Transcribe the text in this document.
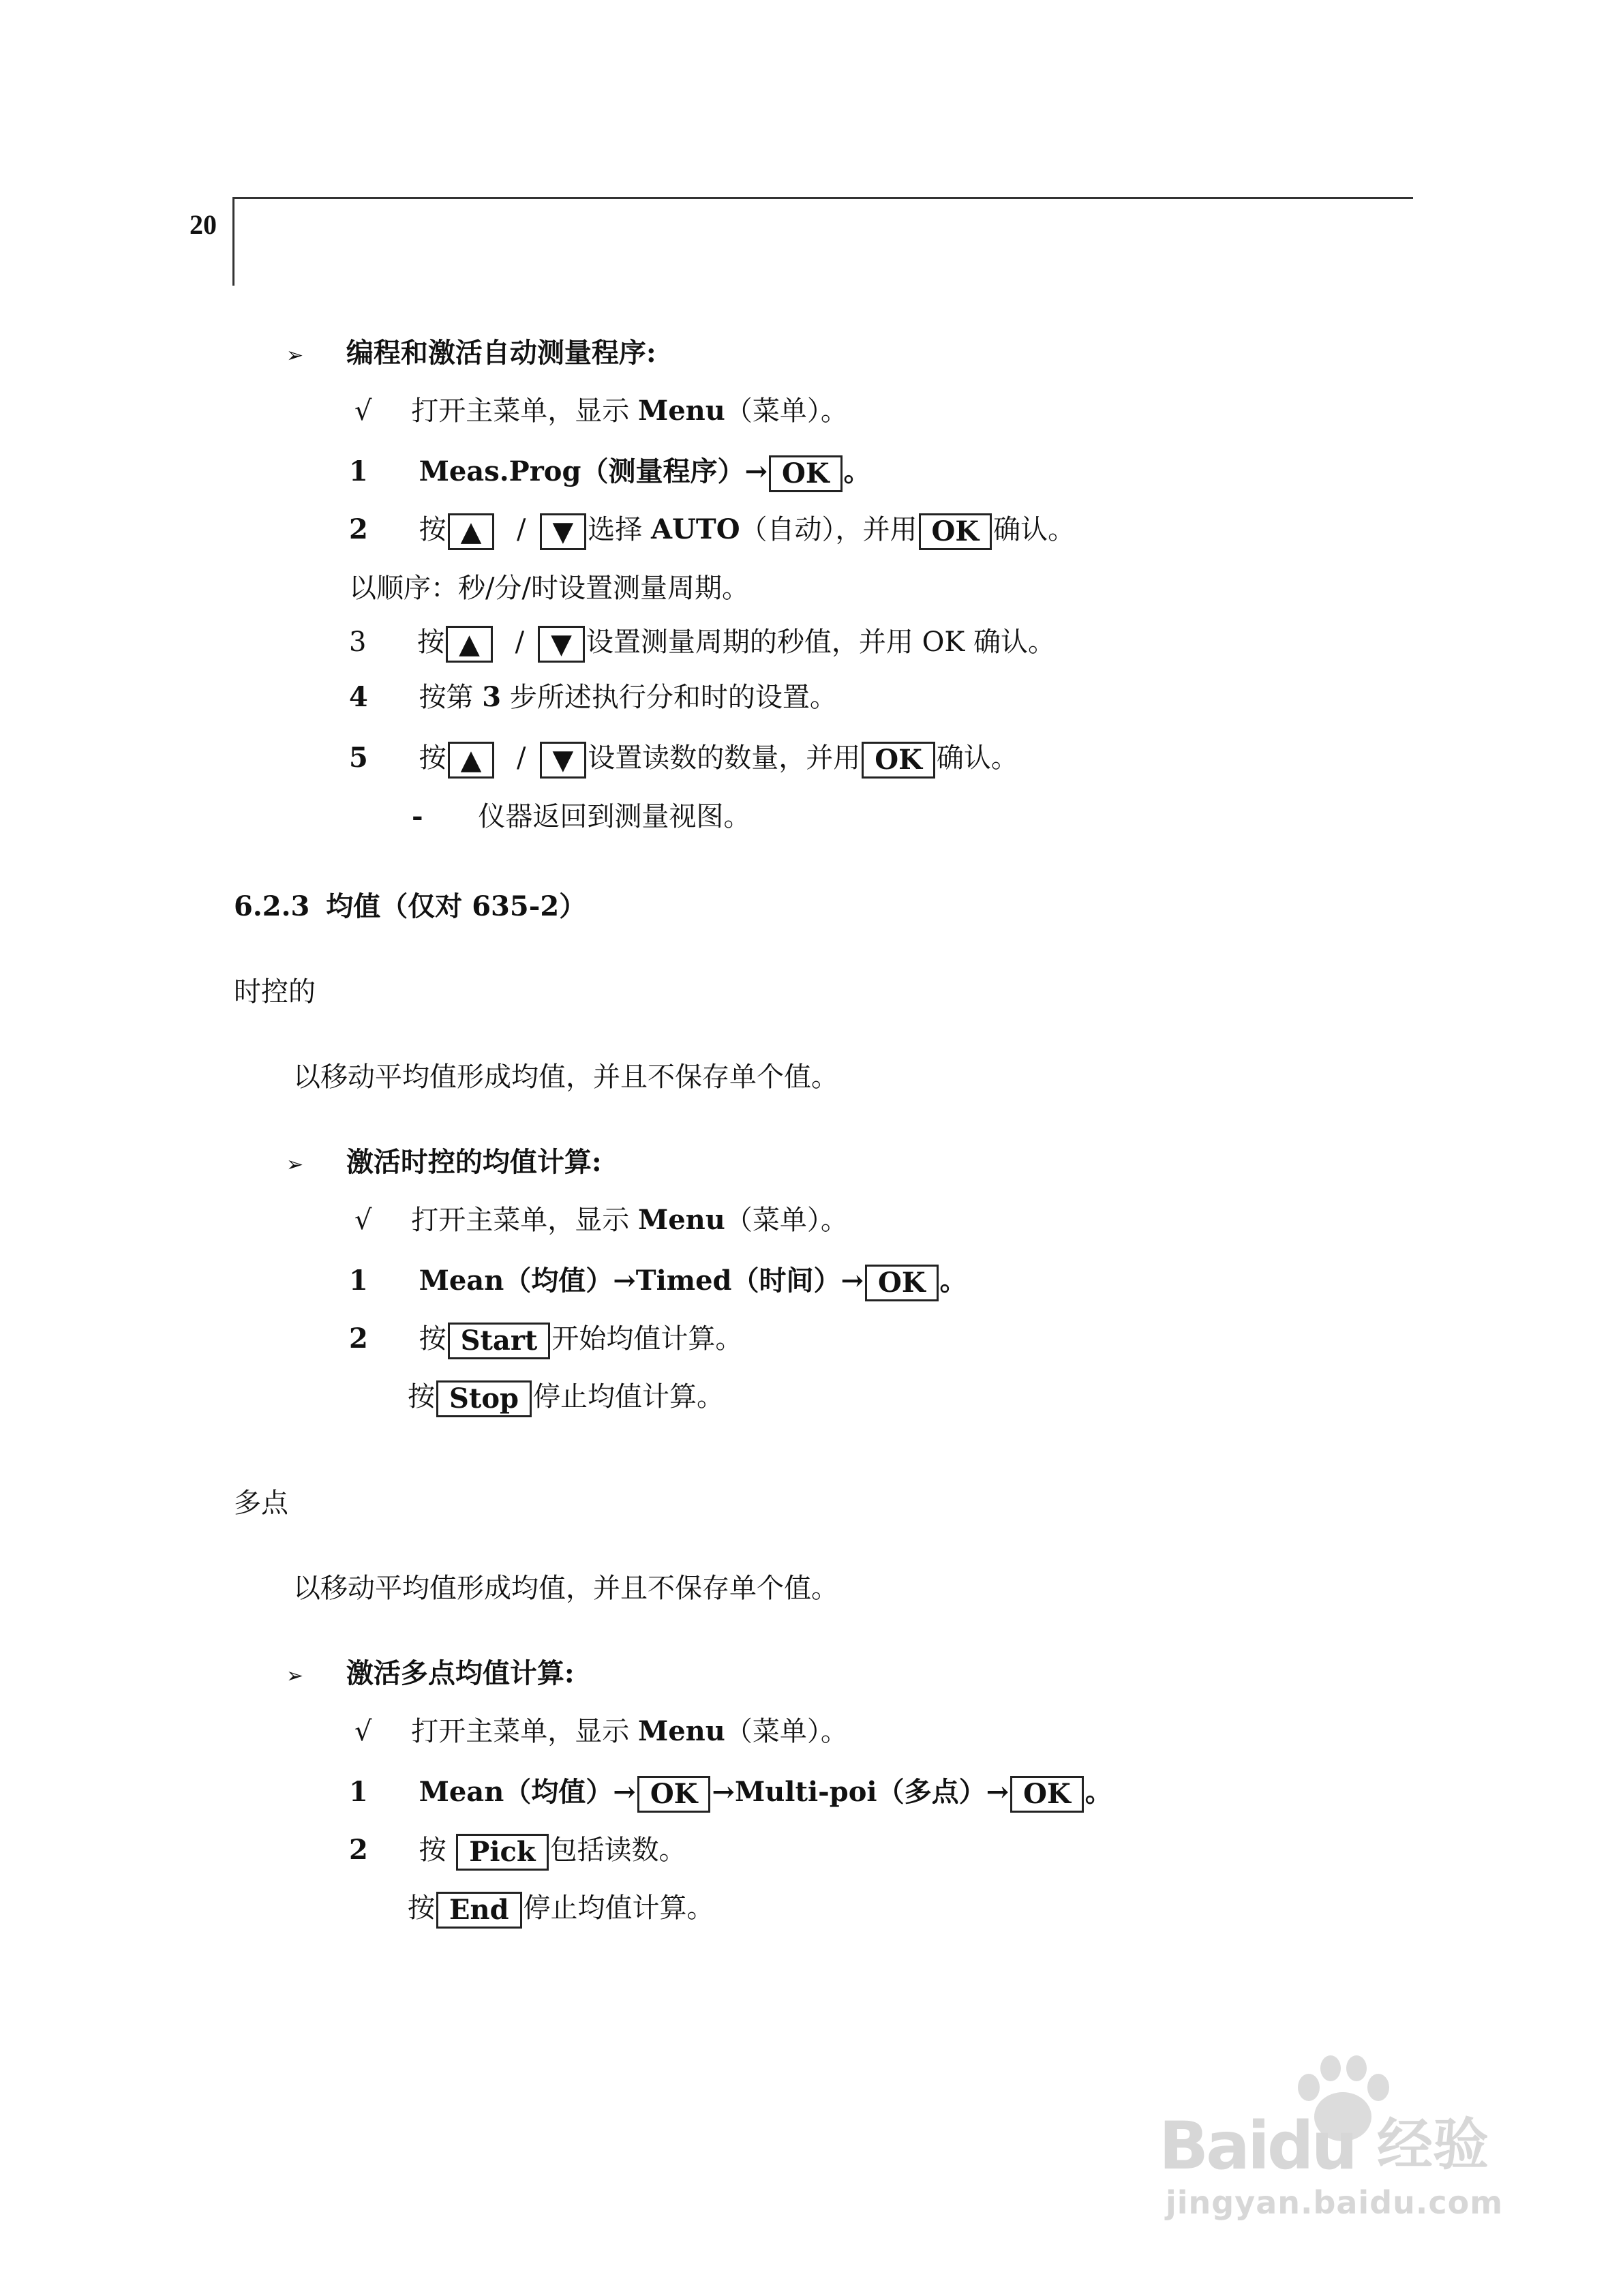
20
➢ 编程和激活自动测量程序:
√ 打开主菜单，显示 Menu（菜单）。
1 Meas.Prog（测量程序）→ OK 。
2 按 ▲ / ▼ 选择 AUTO（自动），并用 OK 确认。
以顺序：秒/分/时设置测量周期。
3 按 ▲ / ▼ 设置测量周期的秒值，并用 OK 确认。
4 按第 3 步所述执行分和时的设置。
5 按 ▲ / ▼ 设置读数的数量，并用 OK 确认。
- 仪器返回到测量视图。
6.2.3 均值（仅对 635-2）
时控的
以移动平均值形成均值，并且不保存单个值。
➢ 激活时控的均值计算:
√ 打开主菜单，显示 Menu（菜单）。
1 Mean（均值）→Timed（时间）→ OK 。
2 按 Start 开始均值计算。
按 Stop 停止均值计算。
多点
以移动平均值形成均值，并且不保存单个值。
➢ 激活多点均值计算:
√ 打开主菜单，显示 Menu（菜单）。
1 Mean（均值）→ OK →Multi-poi（多点）→ OK 。
2 按 Pick 包括读数。
按 End 停止均值计算。
Baidu 经验
jingyan.baidu.com
